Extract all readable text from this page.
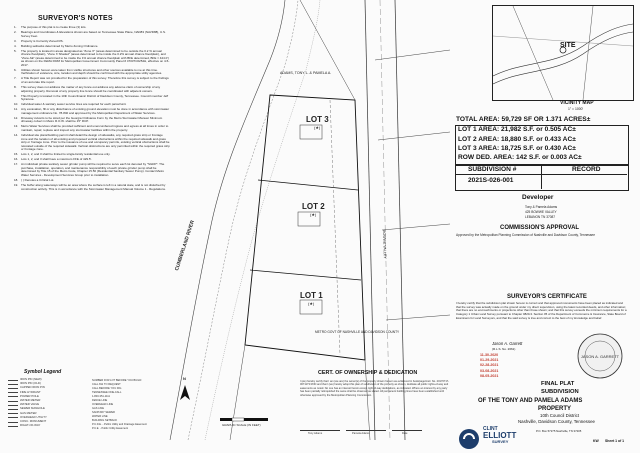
SURVEYOR'S NOTES

1.	The purpose of this plat is to create three (3) lots.

2.	Bearings and Coordinates & Elevations shown are based on Tennessee State Plane, NAD83 (NAVD88), U.S. Survey Feet.

3.	Property is Currently Zoned RS.

4.	Building setbacks determined by Metro Zoning Ordinance.

5.	The property is located in areas designated as "Zone X" (areas determined to be outside the 0.2 % annual chance floodplain), "Zone X Shaded" (areas determined to be inside the 0.2% annual chance floodplain), and "Zone AE" (areas determined to be inside the 1% annual chance floodplain with BFE determined, BFE = 424.0') as shown on the FEMA FIRM for Metropolitan Government Community Panel # 47037C0254H, effective on 4-5-2017.

6.	Utilities shown hereon were taken from visible structures and other sources available to me at this time. Verification of existence, size, location and depth should be confirmed with the appropriate utility agencies.

7.	A Title Report was not provided for the preparation of this survey. Therefore this survey is subject to the findings of an accurate title report.

8.	This survey does not address the matter of any fence out address any adverse claim of ownership of any adjoining property. Removal of any property line fence should be coordinated with adjacent owners.

9.	This Property is located in the 10th Councilmanic District of Davidson County, Tennessee. Council member Jeff Syracuse.

10. Individual water & sanitary sewer service lines are required for each parcel/unit.

11.	Any excavation, fill or any disturbance of existing ground elevation must be done in accordance with stormwater management ordinance No. 78-840 and approved by the Metropolitan Department of Water Services.

12. Driveway culverts to be sized per the Georgia Ordinance Form by the Metro Stormwater Manual. Minimum driveway culvert in Metro R.O.W. shall be 15" RCP.

13. Metro Water Services shall be provided sufficient and unencumbered ingress and egress at all times in order to maintain, repair, replace and inspect any stormwater facilities within the property.

14. Individual site plans/building permit shall detail the design of sidewalks, any required grass strip or frontage zone and the location of all existing and proposed vertical obstructions within the required sidewalk and grass strip or frontage zone. Prior to the issuance of use and occupancy permits, existing vertical obstructions shall be relocated outside of the required sidewalk. Vertical obstructions are only permitted within the required grass strip or frontage zone.

15. Lots 1, 2, and 3 shall be limited to single-family residential use only.

16. Lots 1, 2, and 3 shall have a maximum FFE of 429.5'.

17. An individual private sanitary sewer grinder pump will be required to serve each lot denoted by "SGDP". The purchase, installation, operation, and maintenance responsibility of each private grinder pump shall be determined by Title 15 of the Metro Code, Chapter 15.56 (Residential Sanitary Sewer Pump). Contact Metro Water Services - Development Services Group prior to installation.

18. ( ) Denotes a Critical Lot.

19. The buffer along waterways will be an area where the surface is left in a natural state, and is not disturbed by construction activity. This is in accordance with the Stormwater Management Manual Volume 1 - Regulations.

Symbol Legend
IRON PIN (NEW)
IRON PIN (OLD)
CAPPED IRON PIN
FIRE HYDRANT
POWER POLE
WATER METER
WATER VALVE
SEWER MANHOLE
GAS METER
OVERHEAD UTILITY
CONC. MONUMENT
RIGHT-OF-WAY
NUMBER FOR LOT BEFORE YOU BUILD:
CALL 811 TO REQUEST
CALL BEFORE YOU DIG
TENNESSEE ONE-CALL
1-800-351-1111
FENCE LINE
OVERHEAD LINE
GAS LINE
SANITARY SEWER
WATER LINE
BUILDING SETBACK
P.U.D.E. - Public Utility and Drainage Easement
P.U.E. - Public Utility Easement
CUMBERLAND RIVER
LOT 3
(★)
LOT 2
(★)
LOT 1
(★)
ADAMS, TONY L. & PAMELA A.
METRO GOVT OF NASHVILLE AND DAVIDSON COUNTY
BOWWE VALLEY
GRAPHIC SCALE (IN FEET)
N
CERT. OF OWNERSHIP & DEDICATION
I (we) hereby certify that I am (we are) the owner(s) of the property shown hereon as evidenced in book/page/instr. No. 20170717-0071173 ROD and that I (we) hereby adopt this plan of subdivision of the property as shown, dedicate all public rights-of-way and easements as noted. No one has an interest herein except right-of-way dedications, as indicated. Where an interest by any party has been partially relinquished the same shall be observed as stated. All permanent building lines have been established until otherwise approved by the Metropolitan Planning Commission.
Tony Adams	Pamela Adams	Date
SITE
VICINITY MAP
1" = 1000'
TOTAL AREA: 59,729 SF OR 1.371 ACRES±
LOT 1 AREA: 21,982 S.F. or 0.505 AC±
LOT 2 AREA: 18,880 S.F. or 0.433 AC±
LOT 3 AREA: 18,725 S.F. or 0.430 AC±
ROW DED. AREA: 142 S.F. or 0.003 AC±
SUBDIVISION #	RECORD
2021S-026-001
Developer
Tony & Pamela Adams
425 BOWWE VALLEY
LEBANON TN 37087
COMMISSION'S APPROVAL
Approved by the Metropolitan Planning Commission of Nashville and Davidson County, Tennessee
SURVEYOR'S CERTIFICATE
I hereby certify that the subdivision plat shown hereon is correct and that approved monuments have been placed as indicated and that the survey was actually made on the ground under my direct supervision, using the latest recorded deeds, and other information; that there are no encroachments or projections other than those shown; and that this survey exceeds the minimum requirements for a Category 1 Urban Land Survey pursuant to Chapter 0820-3. Section 05 of the Department of Commerce & Insurance, State Board of Examiners for Land Surveyors, and that the said survey is true and correct to the best of my knowledge and belief.
Jason A. Garrett
(R.L.S. No. 2661)
11-30-2020
01-29-2021
02-28-2021
03-08-2021
08-05-2021
JASON A. GARRETT
FINAL PLAT
SUBDIVISION
OF THE TONY AND PAMELA ADAMS
PROPERTY
10th Council District
Nashville, Davidson County, Tennessee
CLINT
ELLIOTT
SURVEY
P.O. Box 57275 Nashville, TN 37205
KW Sheet 1 of 1
